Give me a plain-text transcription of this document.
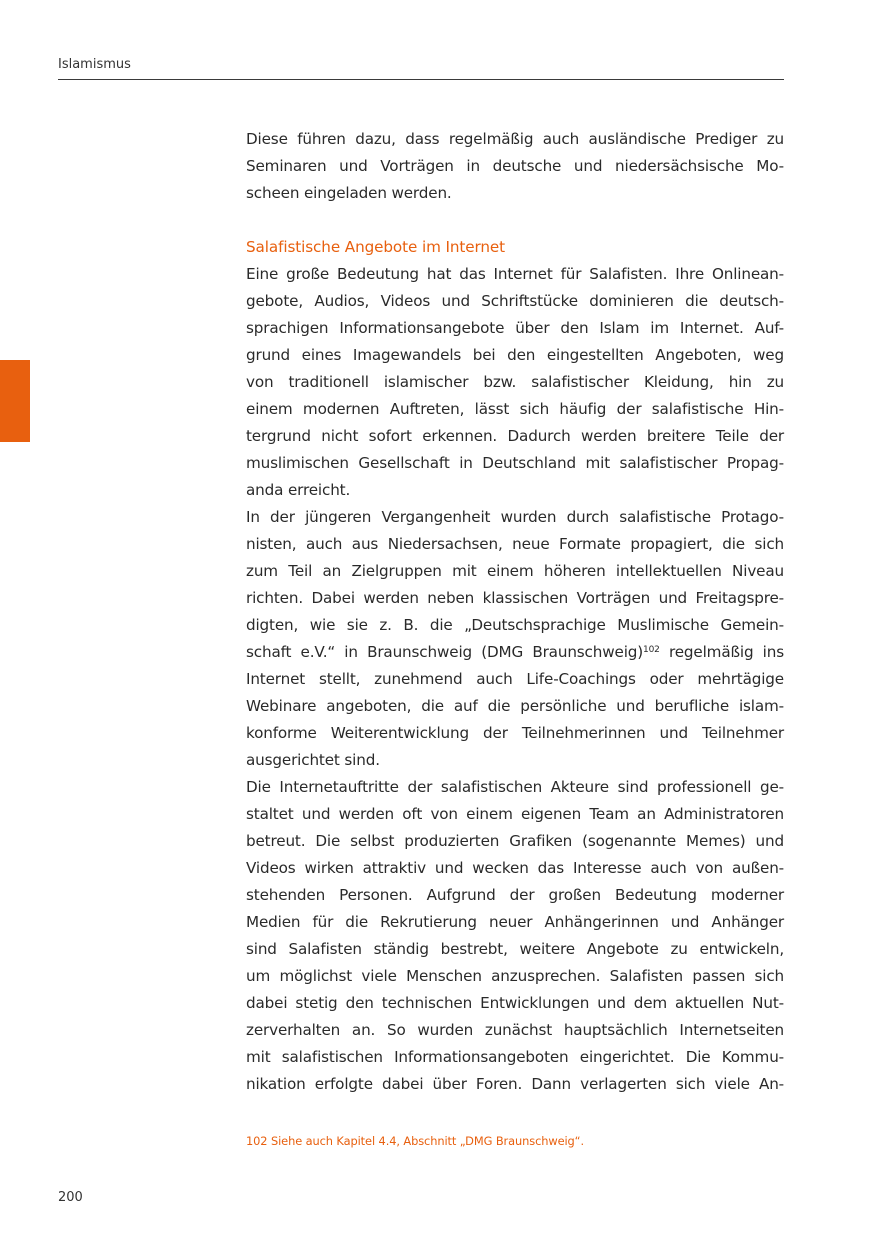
Islamismus
Diese führen dazu, dass regelmäßig auch ausländische Prediger zu
Seminaren und Vorträgen in deutsche und niedersächsische Mo-
scheen eingeladen werden.
Salafistische Angebote im Internet
Eine große Bedeutung hat das Internet für Salafisten. Ihre Onlinean-
gebote, Audios, Videos und Schriftstücke dominieren die deutsch-
sprachigen Informationsangebote über den Islam im Internet. Auf-
grund eines Imagewandels bei den eingestellten Angeboten, weg
von traditionell islamischer bzw. salafistischer Kleidung, hin zu
einem modernen Auftreten, lässt sich häufig der salafistische Hin-
tergrund nicht sofort erkennen. Dadurch werden breitere Teile der
muslimischen Gesellschaft in Deutschland mit salafistischer Propag-
anda erreicht.
In der jüngeren Vergangenheit wurden durch salafistische Protago-
nisten, auch aus Niedersachsen, neue Formate propagiert, die sich
zum Teil an Zielgruppen mit einem höheren intellektuellen Niveau
richten. Dabei werden neben klassischen Vorträgen und Freitagspre-
digten, wie sie z. B. die „Deutschsprachige Muslimische Gemein-
schaft e.V.“ in Braunschweig (DMG Braunschweig)$^{102}$ regelmäßig ins
Internet stellt, zunehmend auch Life-Coachings oder mehrtägige
Webinare angeboten, die auf die persönliche und berufliche islam-
konforme Weiterentwicklung der Teilnehmerinnen und Teilnehmer
ausgerichtet sind.
Die Internetauftritte der salafistischen Akteure sind professionell ge-
staltet und werden oft von einem eigenen Team an Administratoren
betreut. Die selbst produzierten Grafiken (sogenannte Memes) und
Videos wirken attraktiv und wecken das Interesse auch von außen-
stehenden Personen. Aufgrund der großen Bedeutung moderner
Medien für die Rekrutierung neuer Anhängerinnen und Anhänger
sind Salafisten ständig bestrebt, weitere Angebote zu entwickeln,
um möglichst viele Menschen anzusprechen. Salafisten passen sich
dabei stetig den technischen Entwicklungen und dem aktuellen Nut-
zerverhalten an. So wurden zunächst hauptsächlich Internetseiten
mit salafistischen Informationsangeboten eingerichtet. Die Kommu-
nikation erfolgte dabei über Foren. Dann verlagerten sich viele An-
102 Siehe auch Kapitel 4.4, Abschnitt „DMG Braunschweig“.
200
